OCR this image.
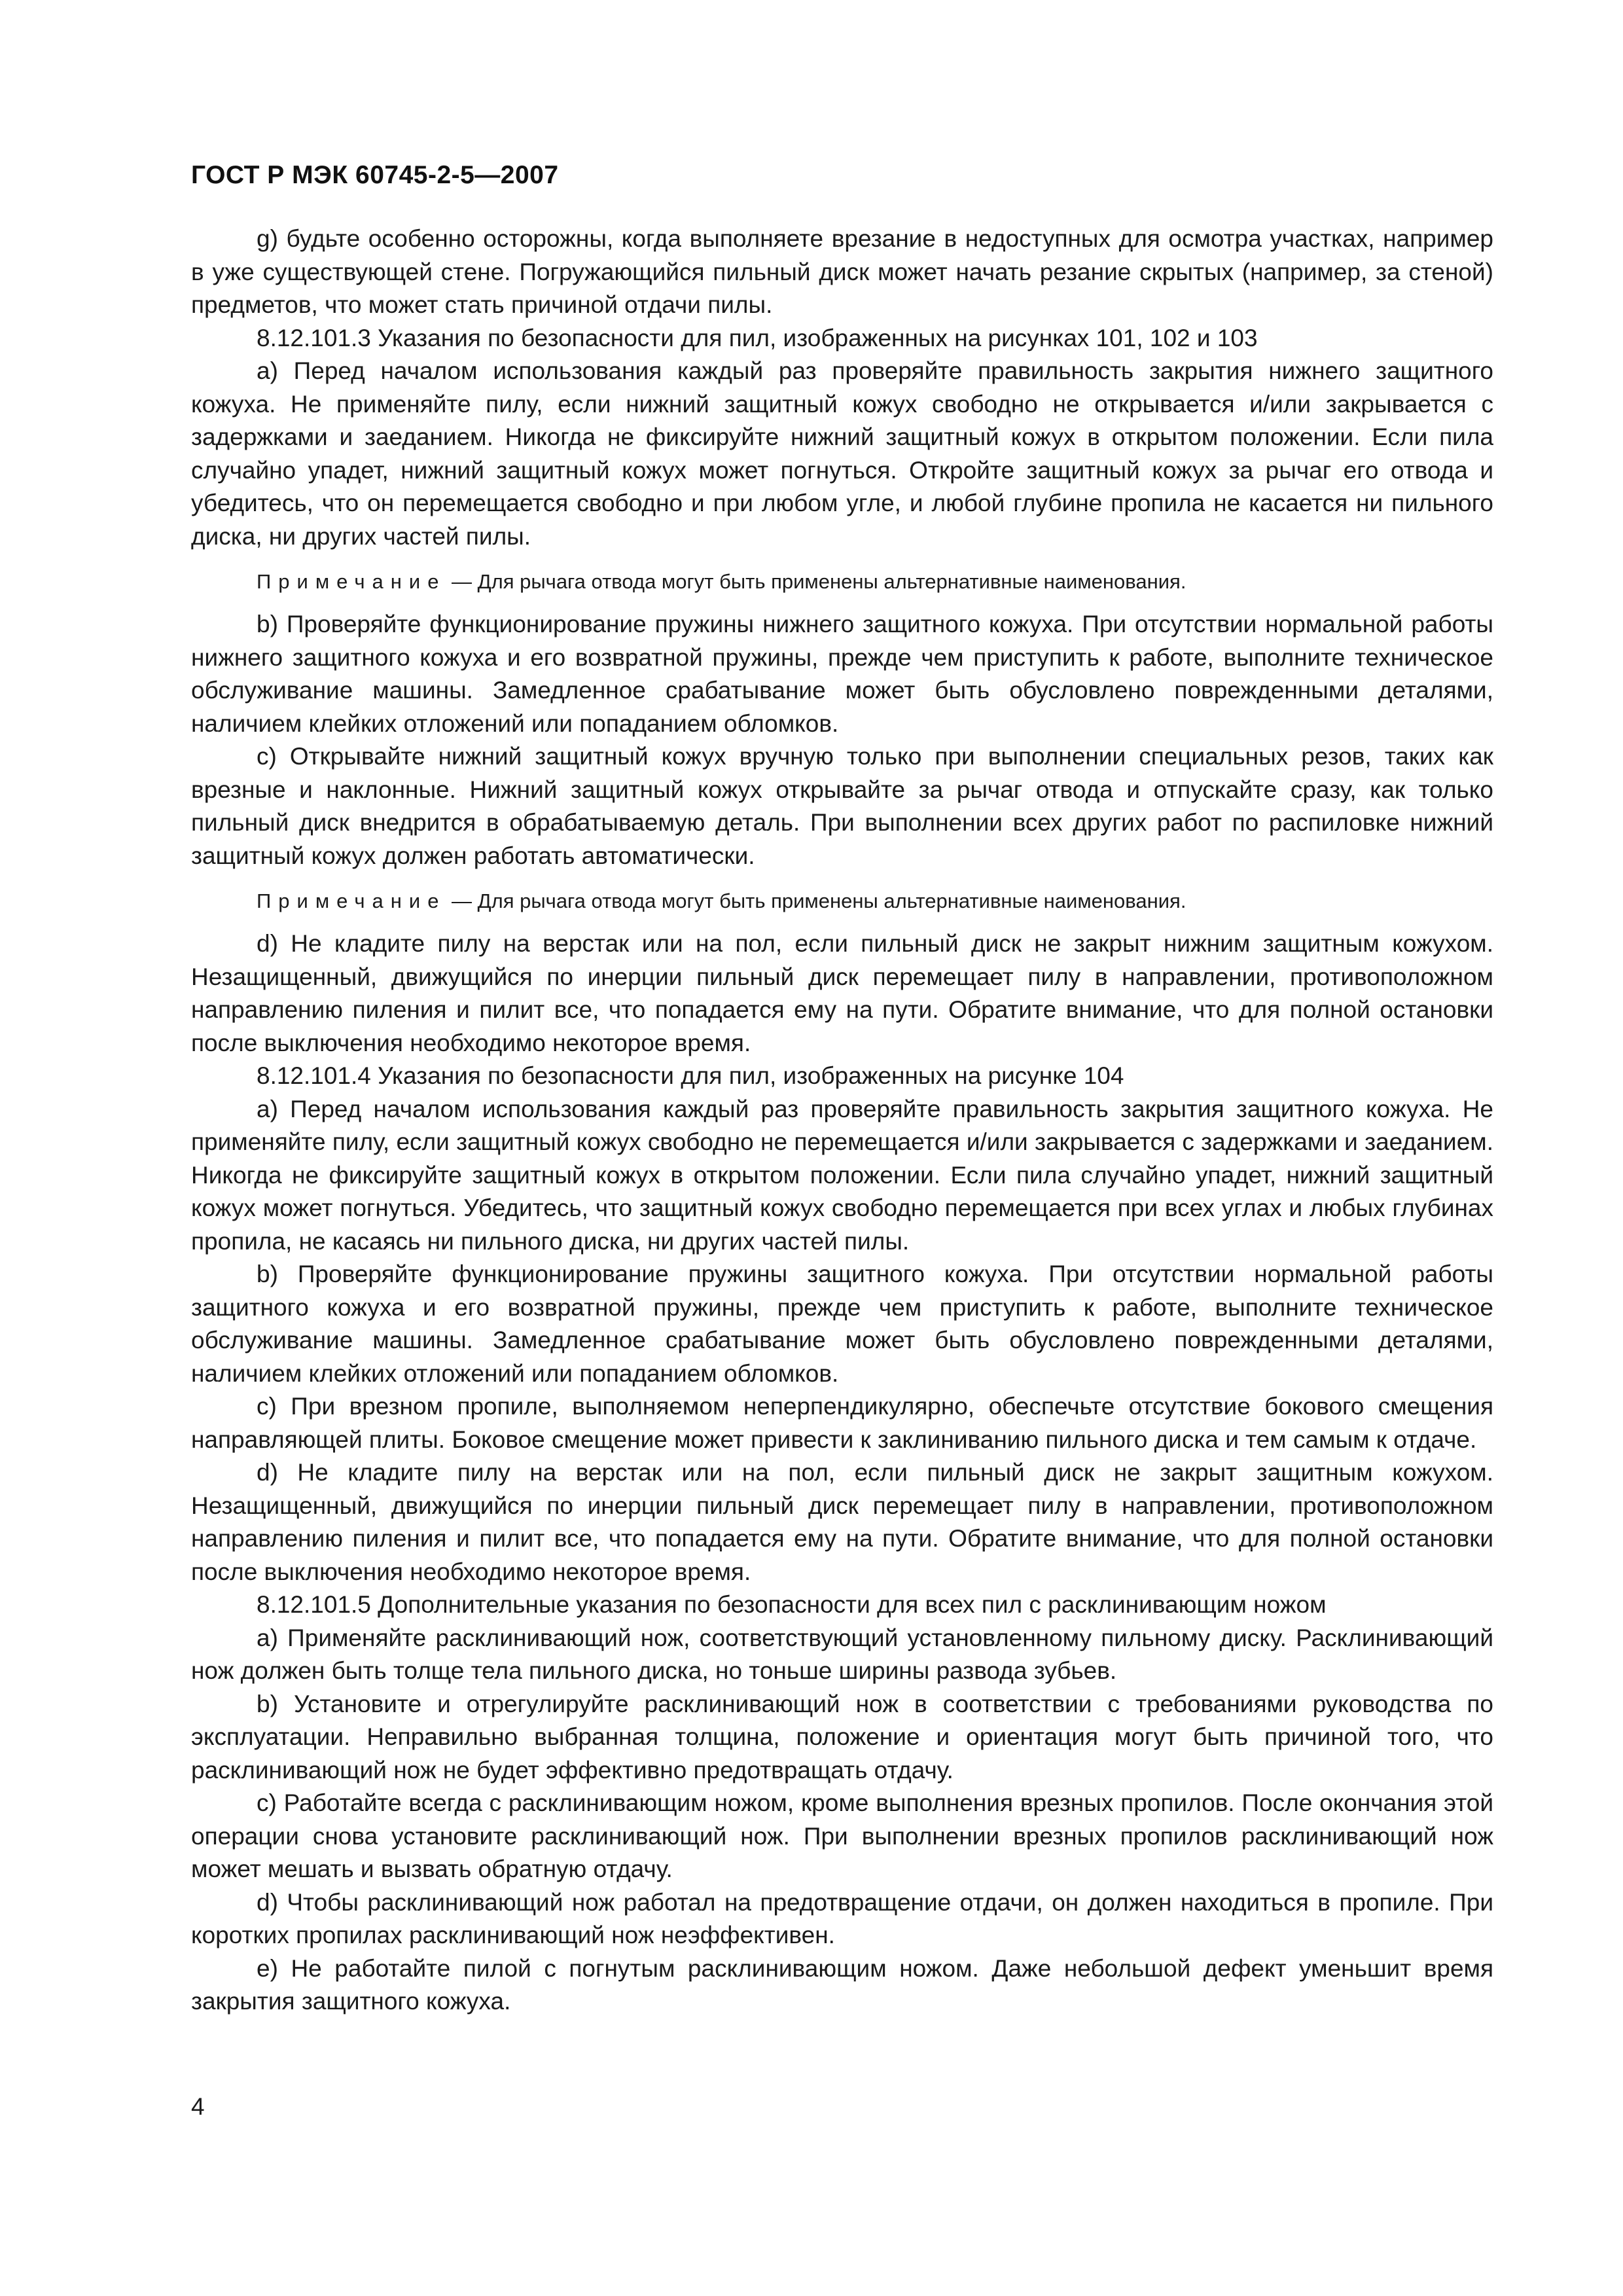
ГОСТ Р МЭК 60745-2-5—2007

g) будьте особенно осторожны, когда выполняете врезание в недоступных для осмотра участках, например в уже существующей стене. Погружающийся пильный диск может начать резание скрытых (например, за стеной) предметов, что может стать причиной отдачи пилы.

8.12.101.3 Указания по безопасности для пил, изображенных на рисунках 101, 102 и 103

a) Перед началом использования каждый раз проверяйте правильность закрытия нижнего защитного кожуха. Не применяйте пилу, если нижний защитный кожух свободно не открывается и/или закрывается с задержками и заеданием. Никогда не фиксируйте нижний защитный кожух в открытом положении. Если пила случайно упадет, нижний защитный кожух может погнуться. Откройте защитный кожух за рычаг его отвода и убедитесь, что он перемещается свободно и при любом угле, и любой глубине пропила не касается ни пильного диска, ни других частей пилы.

Примечание — Для рычага отвода могут быть применены альтернативные наименования.

b) Проверяйте функционирование пружины нижнего защитного кожуха. При отсутствии нормальной работы нижнего защитного кожуха и его возвратной пружины, прежде чем приступить к работе, выполните техническое обслуживание машины. Замедленное срабатывание может быть обусловлено поврежденными деталями, наличием клейких отложений или попаданием обломков.

c) Открывайте нижний защитный кожух вручную только при выполнении специальных резов, таких как врезные и наклонные. Нижний защитный кожух открывайте за рычаг отвода и отпускайте сразу, как только пильный диск внедрится в обрабатываемую деталь. При выполнении всех других работ по распиловке нижний защитный кожух должен работать автоматически.

Примечание — Для рычага отвода могут быть применены альтернативные наименования.

d) Не кладите пилу на верстак или на пол, если пильный диск не закрыт нижним защитным кожухом. Незащищенный, движущийся по инерции пильный диск перемещает пилу в направлении, противоположном направлению пиления и пилит все, что попадается ему на пути. Обратите внимание, что для полной остановки после выключения необходимо некоторое время.

8.12.101.4 Указания по безопасности для пил, изображенных на рисунке 104

a) Перед началом использования каждый раз проверяйте правильность закрытия защитного кожуха. Не применяйте пилу, если защитный кожух свободно не перемещается и/или закрывается с задержками и заеданием. Никогда не фиксируйте защитный кожух в открытом положении. Если пила случайно упадет, нижний защитный кожух может погнуться. Убедитесь, что защитный кожух свободно перемещается при всех углах и любых глубинах пропила, не касаясь ни пильного диска, ни других частей пилы.

b) Проверяйте функционирование пружины защитного кожуха. При отсутствии нормальной работы защитного кожуха и его возвратной пружины, прежде чем приступить к работе, выполните техническое обслуживание машины. Замедленное срабатывание может быть обусловлено поврежденными деталями, наличием клейких отложений или попаданием обломков.

c) При врезном пропиле, выполняемом неперпендикулярно, обеспечьте отсутствие бокового смещения направляющей плиты. Боковое смещение может привести к заклиниванию пильного диска и тем самым к отдаче.

d) Не кладите пилу на верстак или на пол, если пильный диск не закрыт защитным кожухом. Незащищенный, движущийся по инерции пильный диск перемещает пилу в направлении, противоположном направлению пиления и пилит все, что попадается ему на пути. Обратите внимание, что для полной остановки после выключения необходимо некоторое время.

8.12.101.5 Дополнительные указания по безопасности для всех пил с расклинивающим ножом

a) Применяйте расклинивающий нож, соответствующий установленному пильному диску. Расклинивающий нож должен быть толще тела пильного диска, но тоньше ширины развода зубьев.

b) Установите и отрегулируйте расклинивающий нож в соответствии с требованиями руководства по эксплуатации. Неправильно выбранная толщина, положение и ориентация могут быть причиной того, что расклинивающий нож не будет эффективно предотвращать отдачу.

c) Работайте всегда с расклинивающим ножом, кроме выполнения врезных пропилов. После окончания этой операции снова установите расклинивающий нож. При выполнении врезных пропилов расклинивающий нож может мешать и вызвать обратную отдачу.

d) Чтобы расклинивающий нож работал на предотвращение отдачи, он должен находиться в пропиле. При коротких пропилах расклинивающий нож неэффективен.

e) Не работайте пилой с погнутым расклинивающим ножом. Даже небольшой дефект уменьшит время закрытия защитного кожуха.

4
